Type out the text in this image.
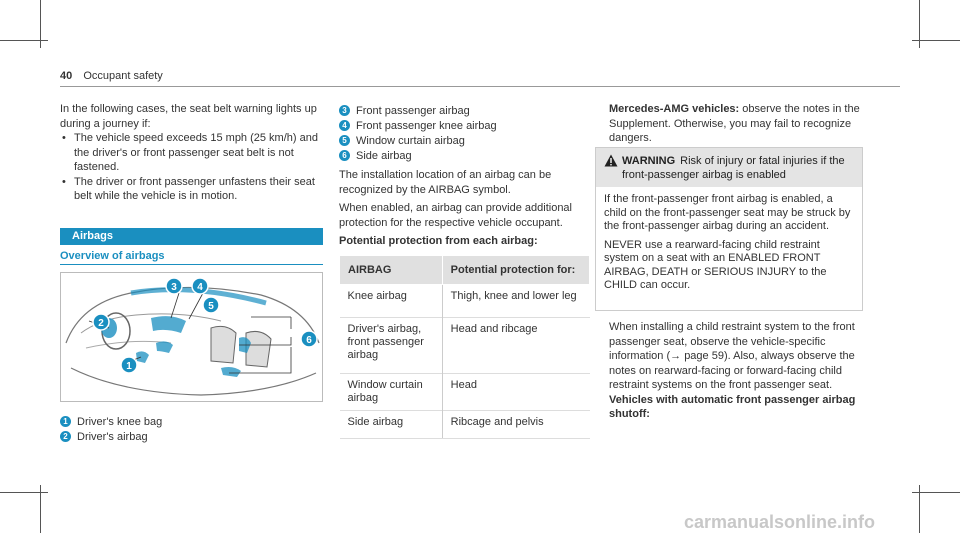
40 Occupant safety
In the following cases, the seat belt warning lights up during a journey if:
• The vehicle speed exceeds 15 mph (25 km/h) and the driver's or front passenger seat belt is not fastened.
• The driver or front passenger unfastens their seat belt while the vehicle is in motion.
Airbags
Overview of airbags
1
2
3 4
5
6
1 Driver's knee bag
2 Driver's airbag
3 Front passenger airbag
4 Front passenger knee airbag
5 Window curtain airbag
6 Side airbag
The installation location of an airbag can be recognized by the AIRBAG symbol.
When enabled, an airbag can provide additional protection for the respective vehicle occupant.
Potential protection from each airbag:
AIRBAG	Potential protection for:
Knee airbag	Thigh, knee and lower leg
Driver's airbag, front passenger airbag	Head and ribcage
Window curtain airbag	Head
Side airbag	Ribcage and pelvis
Mercedes-AMG vehicles: observe the notes in the Supplement. Otherwise, you may fail to recognize dangers.
WARNING Risk of injury or fatal injuries if the front-passenger airbag is enabled

If the front-passenger front airbag is enabled, a child on the front-passenger seat may be struck by the front-passenger airbag during an accident.

NEVER use a rearward-facing child restraint system on a seat with an ENABLED FRONT AIRBAG, DEATH or SERIOUS INJURY to the CHILD can occur.

When installing a child restraint system to the front passenger seat, observe the vehicle-specific information (→ page 59). Also, always observe the notes on rearward-facing or forward-facing child restraint systems on the front passenger seat.
Vehicles with automatic front passenger airbag shutoff:
carmanualsonline.info
